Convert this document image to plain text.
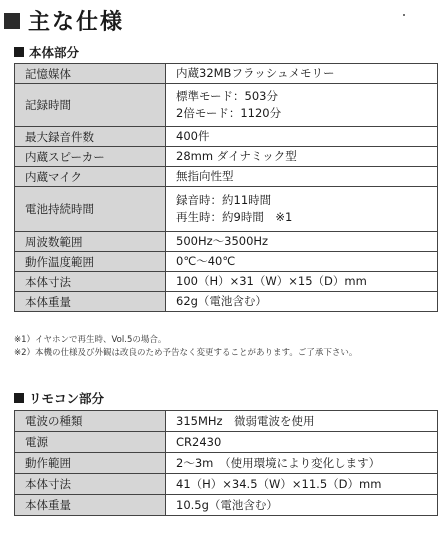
主な仕様
本体部分
記憶媒体	内蔵32MBフラッシュメモリー

記録時間	標準モード：503分
2倍モード：1120分

最大録音件数	400件

内蔵スピーカー	28mm ダイナミック型

内蔵マイク	無指向性型

電池持続時間	録音時：約11時間
再生時：約9時間　※1

周波数範囲	500Hz〜3500Hz

動作温度範囲	0℃〜40℃

本体寸法	100（H）×31（W）×15（D）mm

本体重量	62g（電池含む）
※1）イヤホンで再生時、Vol.5の場合。
※2）本機の仕様及び外観は改良のため予告なく変更することがあります。ご了承下さい。
リモコン部分
電波の種類	315MHz　微弱電波を使用

電源	CR2430

動作範囲	2〜3m　（使用環境により変化します）

本体寸法	41（H）×34.5（W）×11.5（D）mm

本体重量	10.5g（電池含む）
